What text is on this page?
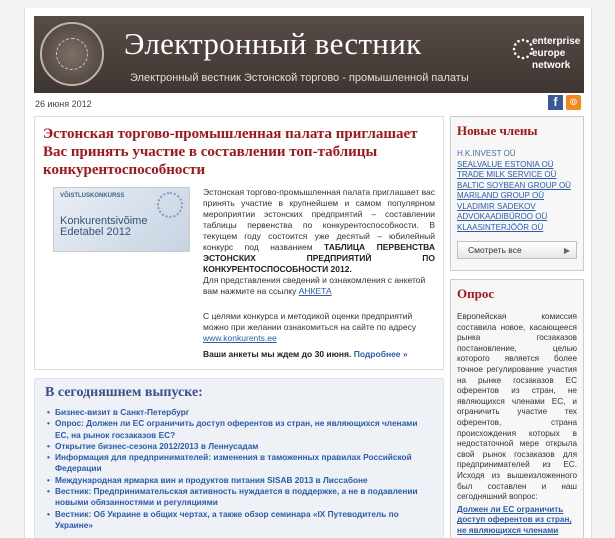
Электронный вестник
Электронный вестник Эстонской торгово - промышленной палаты
enterprise
europe
network
26 июня 2012	f	⊚
Эстонская торгово-промышленная палата приглашает Вас принять участие в составлении топ-таблицы конкурентоспособности
VÕISTLUSKONKURSS
Konkurentsivõime
Edetabel 2012
Эстонская торгово-промышленная палата приглашает вас принять участие в крупнейшем и самом популярном мероприятии эстонских предприятий – составлении таблицы первенства по конкурентоспособности. В текущем году состоится уже десятый – юбилейный конкурс под названием ТАБЛИЦА ПЕРВЕНСТВА ЭСТОНСКИХ ПРЕДПРИЯТИЙ ПО КОНКУРЕНТОСПОСОБНОСТИ 2012.
Для представления сведений и ознакомления с анкетой вам нажмите на ссылку АНКЕТА
С целями конкурса и методикой оценки предприятий можно при желании ознакомиться на сайте по адресу www.konkurents.ee
Ваши анкеты мы ждем до 30 июня. Подробнее »
В сегодняшнем выпуске:
• Бизнес-визит в Санкт-Петербург
• Опрос: Должен ли ЕС ограничить доступ оферентов из стран, не являющихся членами ЕС, на рынок госзаказов ЕС?
• Открытие бизнес-сезона 2012/2013 в Леннусадам
• Информация для предпринимателей: изменения в таможенных правилах Российской Федерации
• Международная ярмарка вин и продуктов питания SISAB 2013 в Лиссабоне
• Вестник: Предпринимательская активность нуждается в поддержке, а не в подавлении новыми обязанностями и регуляциями
• Вестник: Об Украине в общих чертах, а также обзор семинара «IX Путеводитель по Украине»
Новые члены
H.K.INVEST OÜ
SEALVALUE ESTONIA OÜ
TRADE MILK SERVICE OÜ
BALTIC SOYBEAN GROUP OÜ
MARILAND GROUP OÜ
VLADIMIR SADEKOV
ADVOKAADIBÜROO OÜ
KLAASINTERJÖÖR OÜ
Смотреть все	▶
Опрос
Европейская комиссия составила новое, касающееся рынка госзаказов постановление, целью которого является более точное регулирование участия на рынке госзаказов ЕС оферентов из стран, не являющихся членами ЕС, и ограничить участие тех оферентов, страна происхождения которых в недостаточной мере открыла свой рынок госзаказов для предпринимателей из ЕС. Исходя из вышеизложенного был составлен и наш сегодняшний вопрос:
Должен ли ЕС ограничить доступ оферентов из стран, не являющихся членами
